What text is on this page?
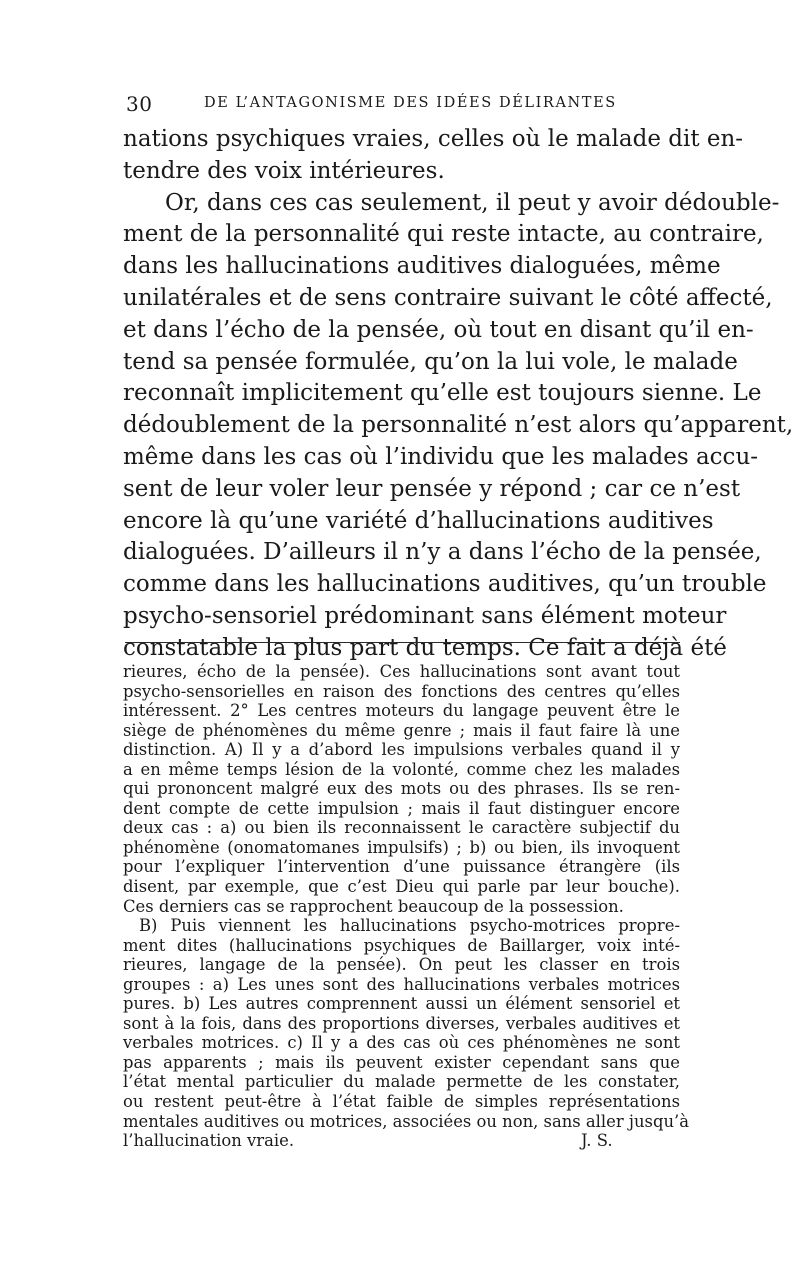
30	DE L’ANTAGONISME DES IDÉES DÉLIRANTES
nations psychiques vraies, celles où le malade dit en-
tendre des voix intérieures.
Or, dans ces cas seulement, il peut y avoir dédouble-
ment de la personnalité qui reste intacte, au contraire,
dans les hallucinations auditives dialoguées, même
unilatérales et de sens contraire suivant le côté affecté,
et dans l’écho de la pensée, où tout en disant qu’il en-
tend sa pensée formulée, qu’on la lui vole, le malade
reconnaît implicitement qu’elle est toujours sienne. Le
dédoublement de la personnalité n’est alors qu’apparent,
même dans les cas où l’individu que les malades accu-
sent de leur voler leur pensée y répond ; car ce n’est
encore là qu’une variété d’hallucinations auditives
dialoguées. D’ailleurs il n’y a dans l’écho de la pensée,
comme dans les hallucinations auditives, qu’un trouble
psycho-sensoriel prédominant sans élément moteur
constatable la plus part du temps. Ce fait a déjà été
rieures, écho de la pensée). Ces hallucinations sont avant tout
psycho-sensorielles en raison des fonctions des centres qu’elles
intéressent. 2° Les centres moteurs du langage peuvent être le
siège de phénomènes du même genre ; mais il faut faire là une
distinction. A) Il y a d’abord les impulsions verbales quand il y
a en même temps lésion de la volonté, comme chez les malades
qui prononcent malgré eux des mots ou des phrases. Ils se ren-
dent compte de cette impulsion ; mais il faut distinguer encore
deux cas : a) ou bien ils reconnaissent le caractère subjectif du
phénomène (onomatomanes impulsifs) ; b) ou bien, ils invoquent
pour l’expliquer l’intervention d’une puissance étrangère (ils
disent, par exemple, que c’est Dieu qui parle par leur bouche).
Ces derniers cas se rapprochent beaucoup de la possession.
B) Puis viennent les hallucinations psycho-motrices propre-
ment dites (hallucinations psychiques de Baillarger, voix inté-
rieures, langage de la pensée). On peut les classer en trois
groupes : a) Les unes sont des hallucinations verbales motrices
pures. b) Les autres comprennent aussi un élément sensoriel et
sont à la fois, dans des proportions diverses, verbales auditives et
verbales motrices. c) Il y a des cas où ces phénomènes ne sont
pas apparents ; mais ils peuvent exister cependant sans que
l’état mental particulier du malade permette de les constater,
ou restent peut-être à l’état faible de simples représentations
mentales auditives ou motrices, associées ou non, sans aller jusqu’à
l’hallucination vraie.	J. S.
